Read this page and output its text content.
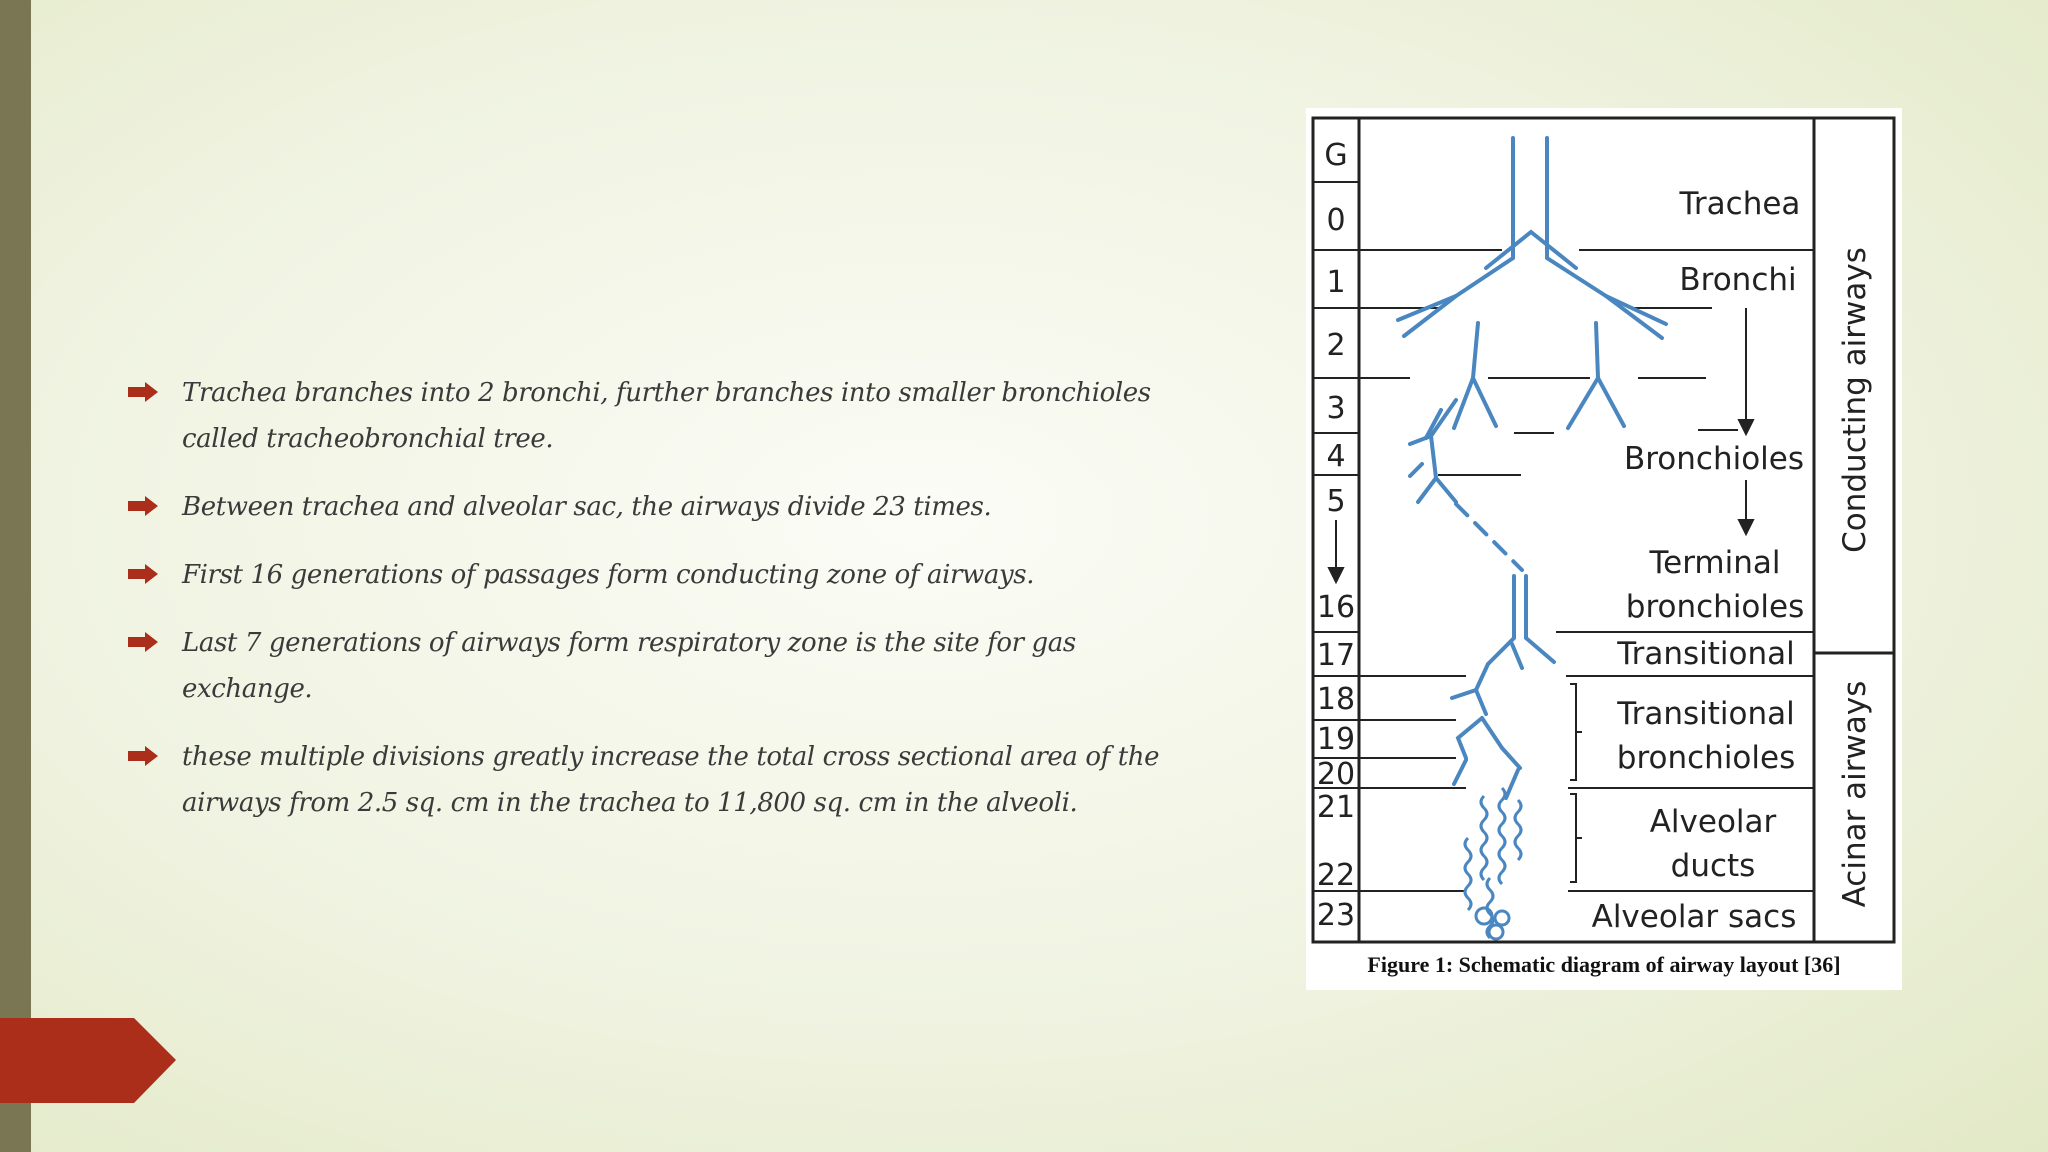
Trachea branches into 2 bronchi, further branches into smaller bronchioles called tracheobronchial tree.
Between trachea and alveolar sac, the airways divide 23 times.
First 16 generations of passages form conducting zone of airways.
Last 7 generations of airways form respiratory zone is the site for gas exchange.
these multiple divisions greatly increase the total cross sectional area of the airways from 2.5 sq. cm in the trachea to 11,800 sq. cm in the alveoli.
G
0
1
2
3
4
5
16
17
18
19
20
21
22
23
Trachea
Bronchi
Bronchioles
Terminal
bronchioles
Transitional
Transitional
bronchioles
Alveolar
ducts
Alveolar sacs
Conducting airways
Acinar airways
Figure 1: Schematic diagram of airway layout [36]
